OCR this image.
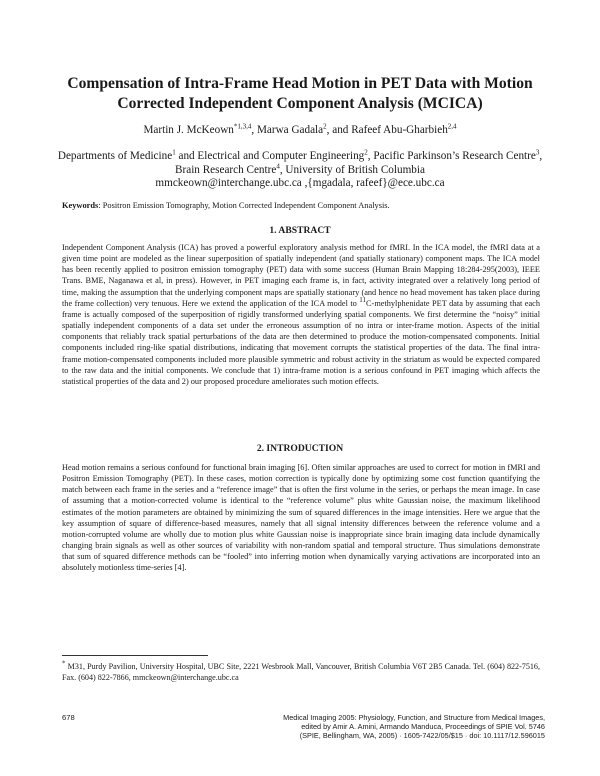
Compensation of Intra-Frame Head Motion in PET Data with Motion Corrected Independent Component Analysis (MCICA)
Martin J. McKeown$^{*1,3,4}$, Marwa Gadala$^2$, and Rafeef Abu-Gharbieh$^{2,4}$
Departments of Medicine$^1$ and Electrical and Computer Engineering$^2$, Pacific Parkinson’s Research Centre$^3$, Brain Research Centre$^4$, University of British Columbia
mmckeown@interchange.ubc.ca ,{mgadala, rafeef}@ece.ubc.ca
Keywords: Positron Emission Tomography, Motion Corrected Independent Component Analysis.
1. ABSTRACT

Independent Component Analysis (ICA) has proved a powerful exploratory analysis method for fMRI. In the ICA model, the fMRI data at a given time point are modeled as the linear superposition of spatially independent (and spatially stationary) component maps. The ICA model has been recently applied to positron emission tomography (PET) data with some success (Human Brain Mapping 18:284-295(2003), IEEE Trans. BME, Naganawa et al, in press). However, in PET imaging each frame is, in fact, activity integrated over a relatively long period of time, making the assumption that the underlying component maps are spatially stationary (and hence no head movement has taken place during the frame collection) very tenuous. Here we extend the application of the ICA model to $^{11}$C-methylphenidate PET data by assuming that each frame is actually composed of the superposition of rigidly transformed underlying spatial components. We first determine the “noisy” initial spatially independent components of a data set under the erroneous assumption of no intra or inter-frame motion. Aspects of the initial components that reliably track spatial perturbations of the data are then determined to produce the motion-compensated components. Initial components included ring-like spatial distributions, indicating that movement corrupts the statistical properties of the data. The final intra-frame motion-compensated components included more plausible symmetric and robust activity in the striatum as would be expected compared to the raw data and the initial components. We conclude that 1) intra-frame motion is a serious confound in PET imaging which affects the statistical properties of the data and 2) our proposed procedure ameliorates such motion effects.

2. INTRODUCTION

Head motion remains a serious confound for functional brain imaging [6]. Often similar approaches are used to correct for motion in fMRI and Positron Emission Tomography (PET). In these cases, motion correction is typically done by optimizing some cost function quantifying the match between each frame in the series and a “reference image” that is often the first volume in the series, or perhaps the mean image. In case of assuming that a motion-corrected volume is identical to the “reference volume” plus white Gaussian noise, the maximum likelihood estimates of the motion parameters are obtained by minimizing the sum of squared differences in the image intensities. Here we argue that the key assumption of square of difference-based measures, namely that all signal intensity differences between the reference volume and a motion-corrupted volume are wholly due to motion plus white Gaussian noise is inappropriate since brain imaging data include dynamically changing brain signals as well as other sources of variability with non-random spatial and temporal structure. Thus simulations demonstrate that sum of squared difference methods can be “fooled” into inferring motion when dynamically varying activations are incorporated into an absolutely motionless time-series [4].

* M31, Purdy Pavilion, University Hospital, UBC Site, 2221 Wesbrook Mall, Vancouver, British Columbia V6T 2B5 Canada. Tel. (604) 822-7516, Fax. (604) 822-7866, mmckeown@interchange.ubc.ca

678	Medical Imaging 2005: Physiology, Function, and Structure from Medical Images,
edited by Amir A. Amini, Armando Manduca, Proceedings of SPIE Vol. 5746
(SPIE, Bellingham, WA, 2005) · 1605-7422/05/$15 · doi: 10.1117/12.596015
